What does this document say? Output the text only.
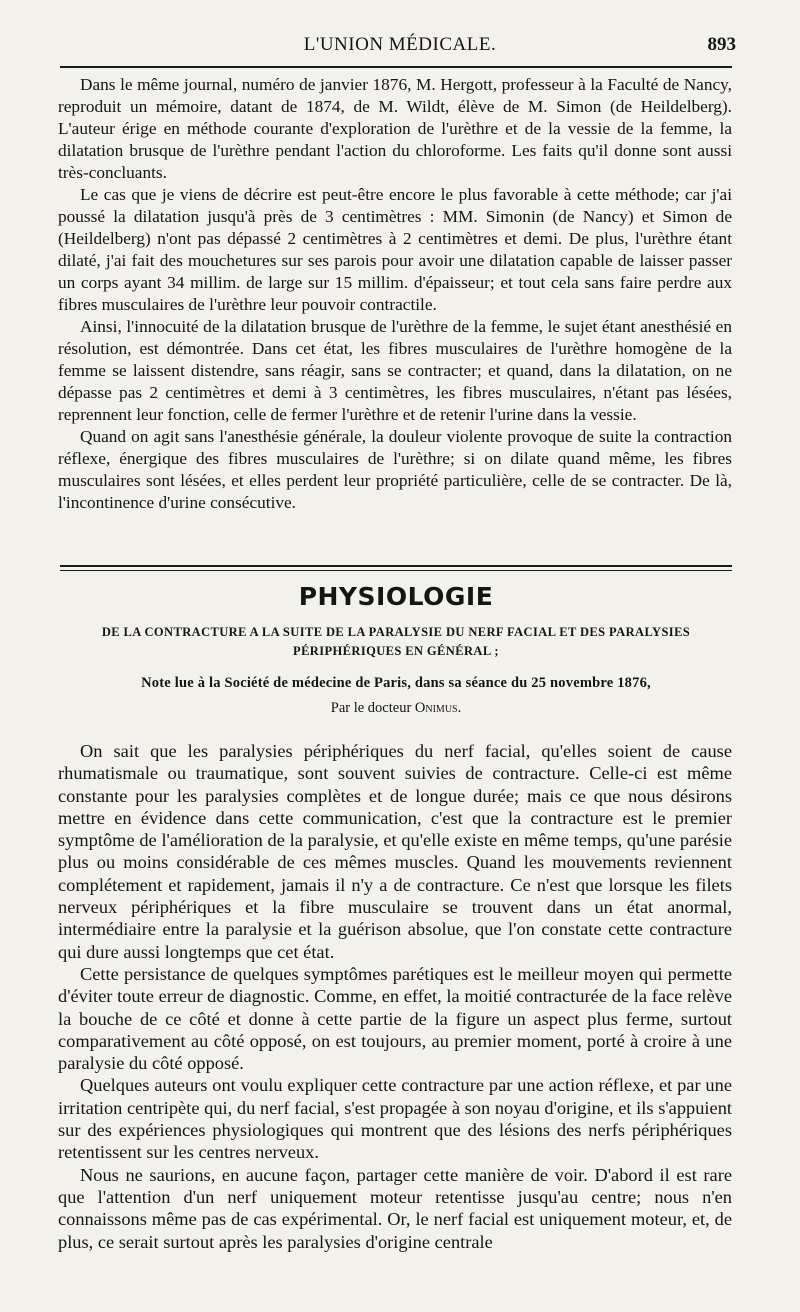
L'UNION MÉDICALE.	893

Dans le même journal, numéro de janvier 1876, M. Hergott, professeur à la Faculté de Nancy, reproduit un mémoire, datant de 1874, de M. Wildt, élève de M. Simon (de Heildelberg). L'auteur érige en méthode courante d'exploration de l'urèthre et de la vessie de la femme, la dilatation brusque de l'urèthre pendant l'action du chloroforme. Les faits qu'il donne sont aussi très-concluants.

Le cas que je viens de décrire est peut-être encore le plus favorable à cette méthode; car j'ai poussé la dilatation jusqu'à près de 3 centimètres : MM. Simonin (de Nancy) et Simon de (Heildelberg) n'ont pas dépassé 2 centimètres à 2 centimètres et demi. De plus, l'urèthre étant dilaté, j'ai fait des mouchetures sur ses parois pour avoir une dilatation capable de laisser passer un corps ayant 34 millim. de large sur 15 millim. d'épaisseur; et tout cela sans faire perdre aux fibres musculaires de l'urèthre leur pouvoir contractile.

Ainsi, l'innocuité de la dilatation brusque de l'urèthre de la femme, le sujet étant anesthésié en résolution, est démontrée. Dans cet état, les fibres musculaires de l'urèthre homogène de la femme se laissent distendre, sans réagir, sans se contracter; et quand, dans la dilatation, on ne dépasse pas 2 centimètres et demi à 3 centimètres, les fibres musculaires, n'étant pas lésées, reprennent leur fonction, celle de fermer l'urèthre et de retenir l'urine dans la vessie.

Quand on agit sans l'anesthésie générale, la douleur violente provoque de suite la contraction réflexe, énergique des fibres musculaires de l'urèthre; si on dilate quand même, les fibres musculaires sont lésées, et elles perdent leur propriété particulière, celle de se contracter. De là, l'incontinence d'urine consécutive.

PHYSIOLOGIE
DE LA CONTRACTURE A LA SUITE DE LA PARALYSIE DU NERF FACIAL ET DES PARALYSIES PÉRIPHÉRIQUES EN GÉNÉRAL ;
Note lue à la Société de médecine de Paris, dans sa séance du 25 novembre 1876,
Par le docteur Onimus.

On sait que les paralysies périphériques du nerf facial, qu'elles soient de cause rhumatismale ou traumatique, sont souvent suivies de contracture. Celle-ci est même constante pour les paralysies complètes et de longue durée; mais ce que nous désirons mettre en évidence dans cette communication, c'est que la contracture est le premier symptôme de l'amélioration de la paralysie, et qu'elle existe en même temps, qu'une parésie plus ou moins considérable de ces mêmes muscles. Quand les mouvements reviennent complétement et rapidement, jamais il n'y a de contracture. Ce n'est que lorsque les filets nerveux périphériques et la fibre musculaire se trouvent dans un état anormal, intermédiaire entre la paralysie et la guérison absolue, que l'on constate cette contracture qui dure aussi longtemps que cet état.

Cette persistance de quelques symptômes parétiques est le meilleur moyen qui permette d'éviter toute erreur de diagnostic. Comme, en effet, la moitié contracturée de la face relève la bouche de ce côté et donne à cette partie de la figure un aspect plus ferme, surtout comparativement au côté opposé, on est toujours, au premier moment, porté à croire à une paralysie du côté opposé.

Quelques auteurs ont voulu expliquer cette contracture par une action réflexe, et par une irritation centripète qui, du nerf facial, s'est propagée à son noyau d'origine, et ils s'appuient sur des expériences physiologiques qui montrent que des lésions des nerfs périphériques retentissent sur les centres nerveux.

Nous ne saurions, en aucune façon, partager cette manière de voir. D'abord il est rare que l'attention d'un nerf uniquement moteur retentisse jusqu'au centre; nous n'en connaissons même pas de cas expérimental. Or, le nerf facial est uniquement moteur, et, de plus, ce serait surtout après les paralysies d'origine centrale
